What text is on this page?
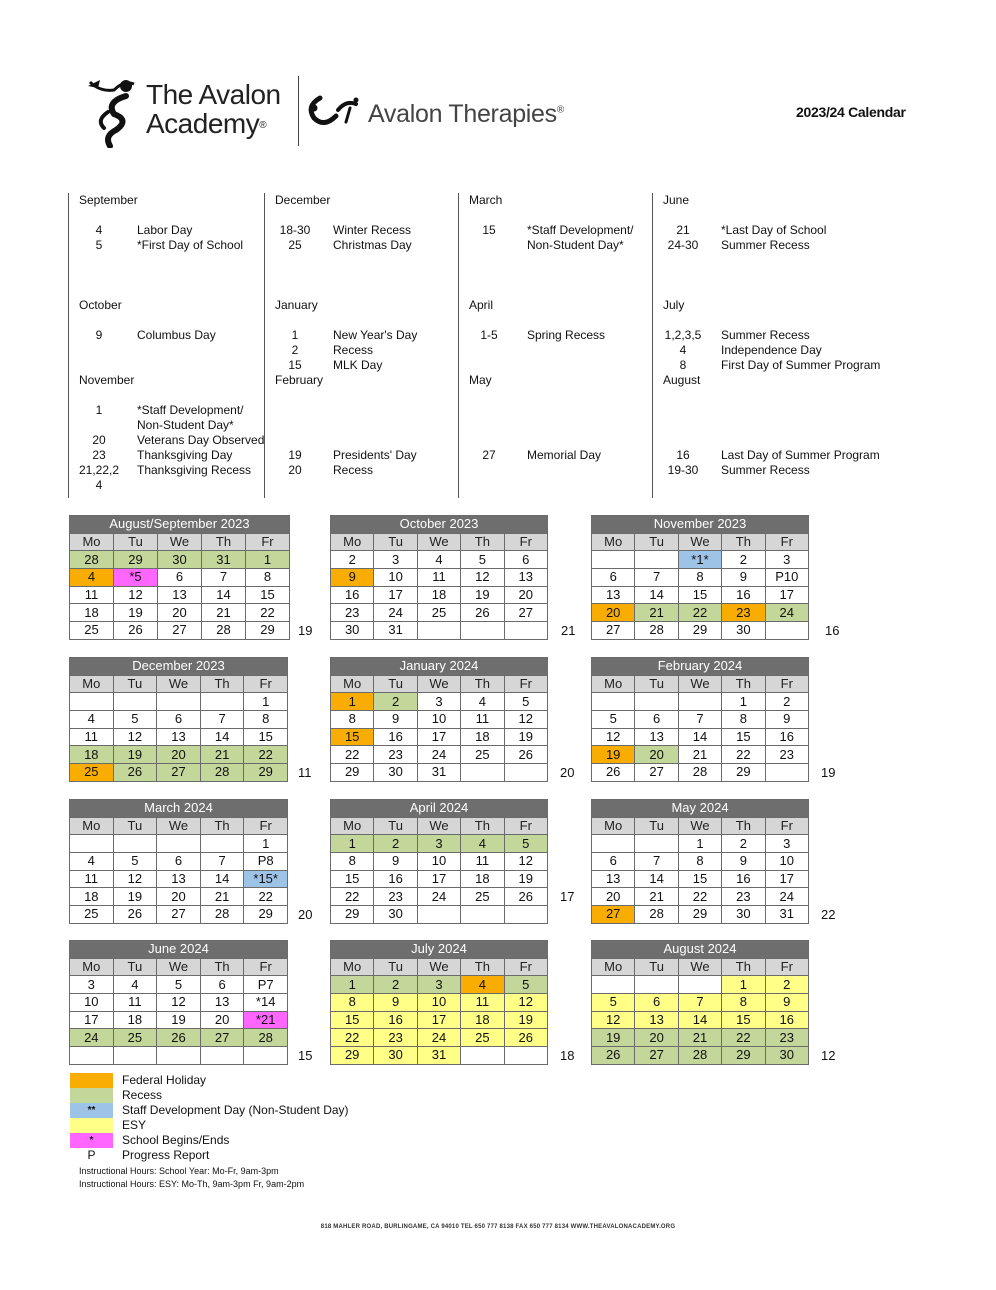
The Avalon
Academy®	Avalon Therapies®	2023/24 Calendar
September
4	Labor Day
5	*First Day of School
October
9	Columbus Day
November
1	*Staff Development/
Non-Student Day*
20	Veterans Day Observed
23	Thanksgiving Day
21,22,2	Thanksgiving Recess
4
December
18-30	Winter Recess
25	Christmas Day
January
1	New Year's Day
2	Recess
15	MLK Day
February
19	Presidents' Day
20	Recess
March
15	*Staff Development/
Non-Student Day*
April
1-5	Spring Recess
May
27	Memorial Day
June
21	*Last Day of School
24-30	Summer Recess
July
1,2,3,5	Summer Recess
4	Independence Day
8	First Day of Summer Program
August
16	Last Day of Summer Program
19-30	Summer Recess
August/September 2023				
Mo	Tu	We	Th	Fr
28	29	30	31	1
4	*5	6	7	8
11	12	13	14	15
18	19	20	21	22
25	26	27	28	29 19
October 2023				
Mo	Tu	We	Th	Fr
2	3	4	5	6
9	10	11	12	13
16	17	18	19	20
23	24	25	26	27
30	31				21
November 2023				
Mo	Tu	We	Th	Fr
		*1*	2	3
6	7	8	9	P10
13	14	15	16	17
20	21	22	23	24
27	28	29	30		16
December 2023				
Mo	Tu	We	Th	Fr
				1
4	5	6	7	8
11	12	13	14	15
18	19	20	21	22
25	26	27	28	29 11
January 2024				
Mo	Tu	We	Th	Fr
1	2	3	4	5
8	9	10	11	12
15	16	17	18	19
22	23	24	25	26
29	30	31			20
February 2024				
Mo	Tu	We	Th	Fr
			1	2
5	6	7	8	9
12	13	14	15	16
19	20	21	22	23
26	27	28	29		19
March 2024				
Mo	Tu	We	Th	Fr
				1
4	5	6	7	P8
11	12	13	14	*15*
18	19	20	21	22
25	26	27	28	29 20
April 2024				
Mo	Tu	We	Th	Fr
1	2	3	4	5
8	9	10	11	12
15	16	17	18	19
22	23	24	25	26
29	30			
17
May 2024				
Mo	Tu	We	Th	Fr
		1	2	3
6	7	8	9	10
13	14	15	16	17
20	21	22	23	24
27	28	29	30	31 22
June 2024				
Mo	Tu	We	Th	Fr
3	4	5	6	P7
10	11	12	13	*14
17	18	19	20	*21
24	25	26	27	28

15
July 2024				
Mo	Tu	We	Th	Fr
1	2	3	4	5
8	9	10	11	12
15	16	17	18	19
22	23	24	25	26
29	30	31			18
August 2024				
Mo	Tu	We	Th	Fr
			1	2
5	6	7	8	9
12	13	14	15	16
19	20	21	22	23
26	27	28	29	30 12
Federal Holiday
Recess
**	Staff Development Day (Non-Student Day)
ESY
*	School Begins/Ends
P	Progress Report
Instructional Hours: School Year: Mo-Fr, 9am-3pm
Instructional Hours: ESY: Mo-Th, 9am-3pm Fr, 9am-2pm
818 MAHLER ROAD, BURLINGAME, CA 94010 TEL 650 777 8138 FAX 650 777 8134 WWW.THEAVALONACADEMY.ORG
